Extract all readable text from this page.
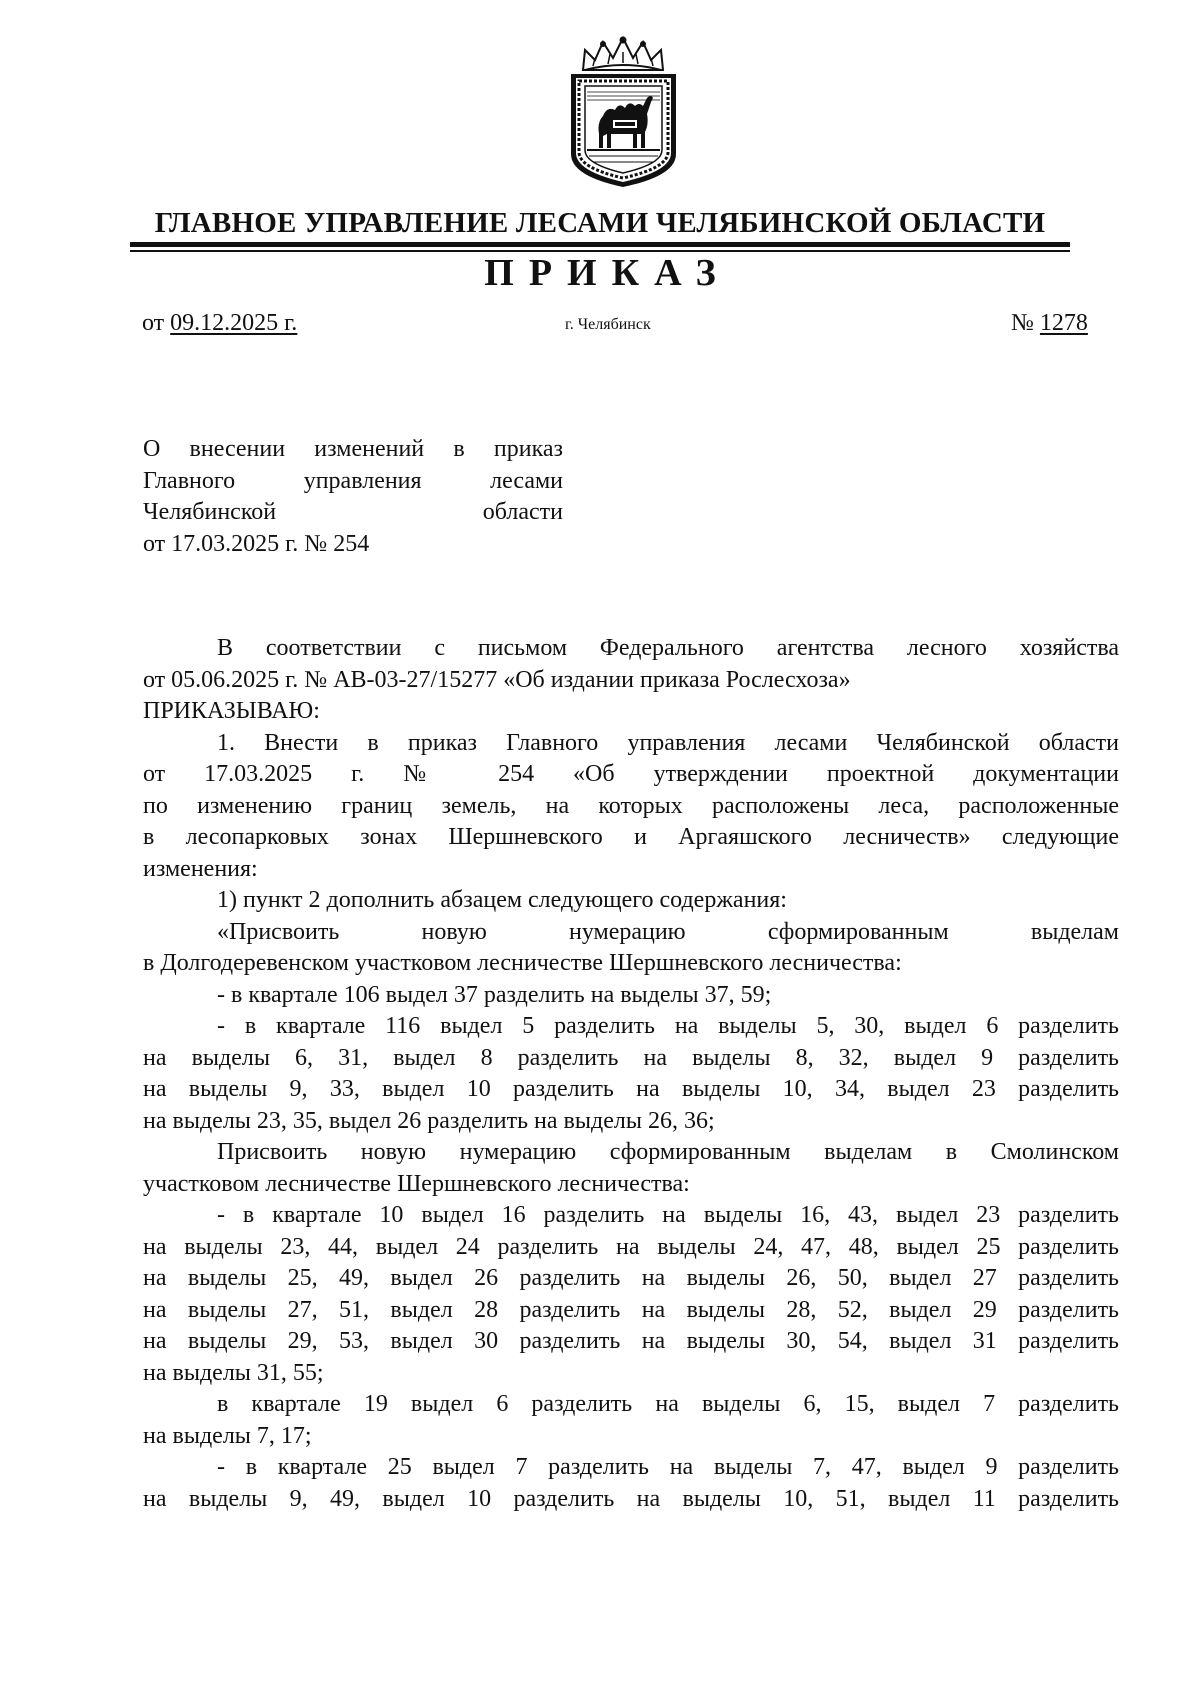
ГЛАВНОЕ УПРАВЛЕНИЕ ЛЕСАМИ ЧЕЛЯБИНСКОЙ ОБЛАСТИ
ПРИКАЗ
от 09.12.2025 г.	г. Челябинск	№ 1278
О внесении изменений в приказ
Главного управления лесами
Челябинской области
от 17.03.2025 г. № 254
В соответствии с письмом Федерального агентства лесного хозяйства
от 05.06.2025 г. № АВ-03-27/15277 «Об издании приказа Рослесхоза»
ПРИКАЗЫВАЮ:
1. Внести в приказ Главного управления лесами Челябинской области
от 17.03.2025 г. № 254 «Об утверждении проектной документации
по изменению границ земель, на которых расположены леса, расположенные
в лесопарковых зонах Шершневского и Аргаяшского лесничеств» следующие
изменения:
1) пункт 2 дополнить абзацем следующего содержания:
«Присвоить новую нумерацию сформированным выделам
в Долгодеревенском участковом лесничестве Шершневского лесничества:
- в квартале 106 выдел 37 разделить на выделы 37, 59;
- в квартале 116 выдел 5 разделить на выделы 5, 30, выдел 6 разделить
на выделы 6, 31, выдел 8 разделить на выделы 8, 32, выдел 9 разделить
на выделы 9, 33, выдел 10 разделить на выделы 10, 34, выдел 23 разделить
на выделы 23, 35, выдел 26 разделить на выделы 26, 36;
Присвоить новую нумерацию сформированным выделам в Смолинском
участковом лесничестве Шершневского лесничества:
- в квартале 10 выдел 16 разделить на выделы 16, 43, выдел 23 разделить
на выделы 23, 44, выдел 24 разделить на выделы 24, 47, 48, выдел 25 разделить
на выделы 25, 49, выдел 26 разделить на выделы 26, 50, выдел 27 разделить
на выделы 27, 51, выдел 28 разделить на выделы 28, 52, выдел 29 разделить
на выделы 29, 53, выдел 30 разделить на выделы 30, 54, выдел 31 разделить
на выделы 31, 55;
в квартале 19 выдел 6 разделить на выделы 6, 15, выдел 7 разделить
на выделы 7, 17;
- в квартале 25 выдел 7 разделить на выделы 7, 47, выдел 9 разделить
на выделы 9, 49, выдел 10 разделить на выделы 10, 51, выдел 11 разделить
